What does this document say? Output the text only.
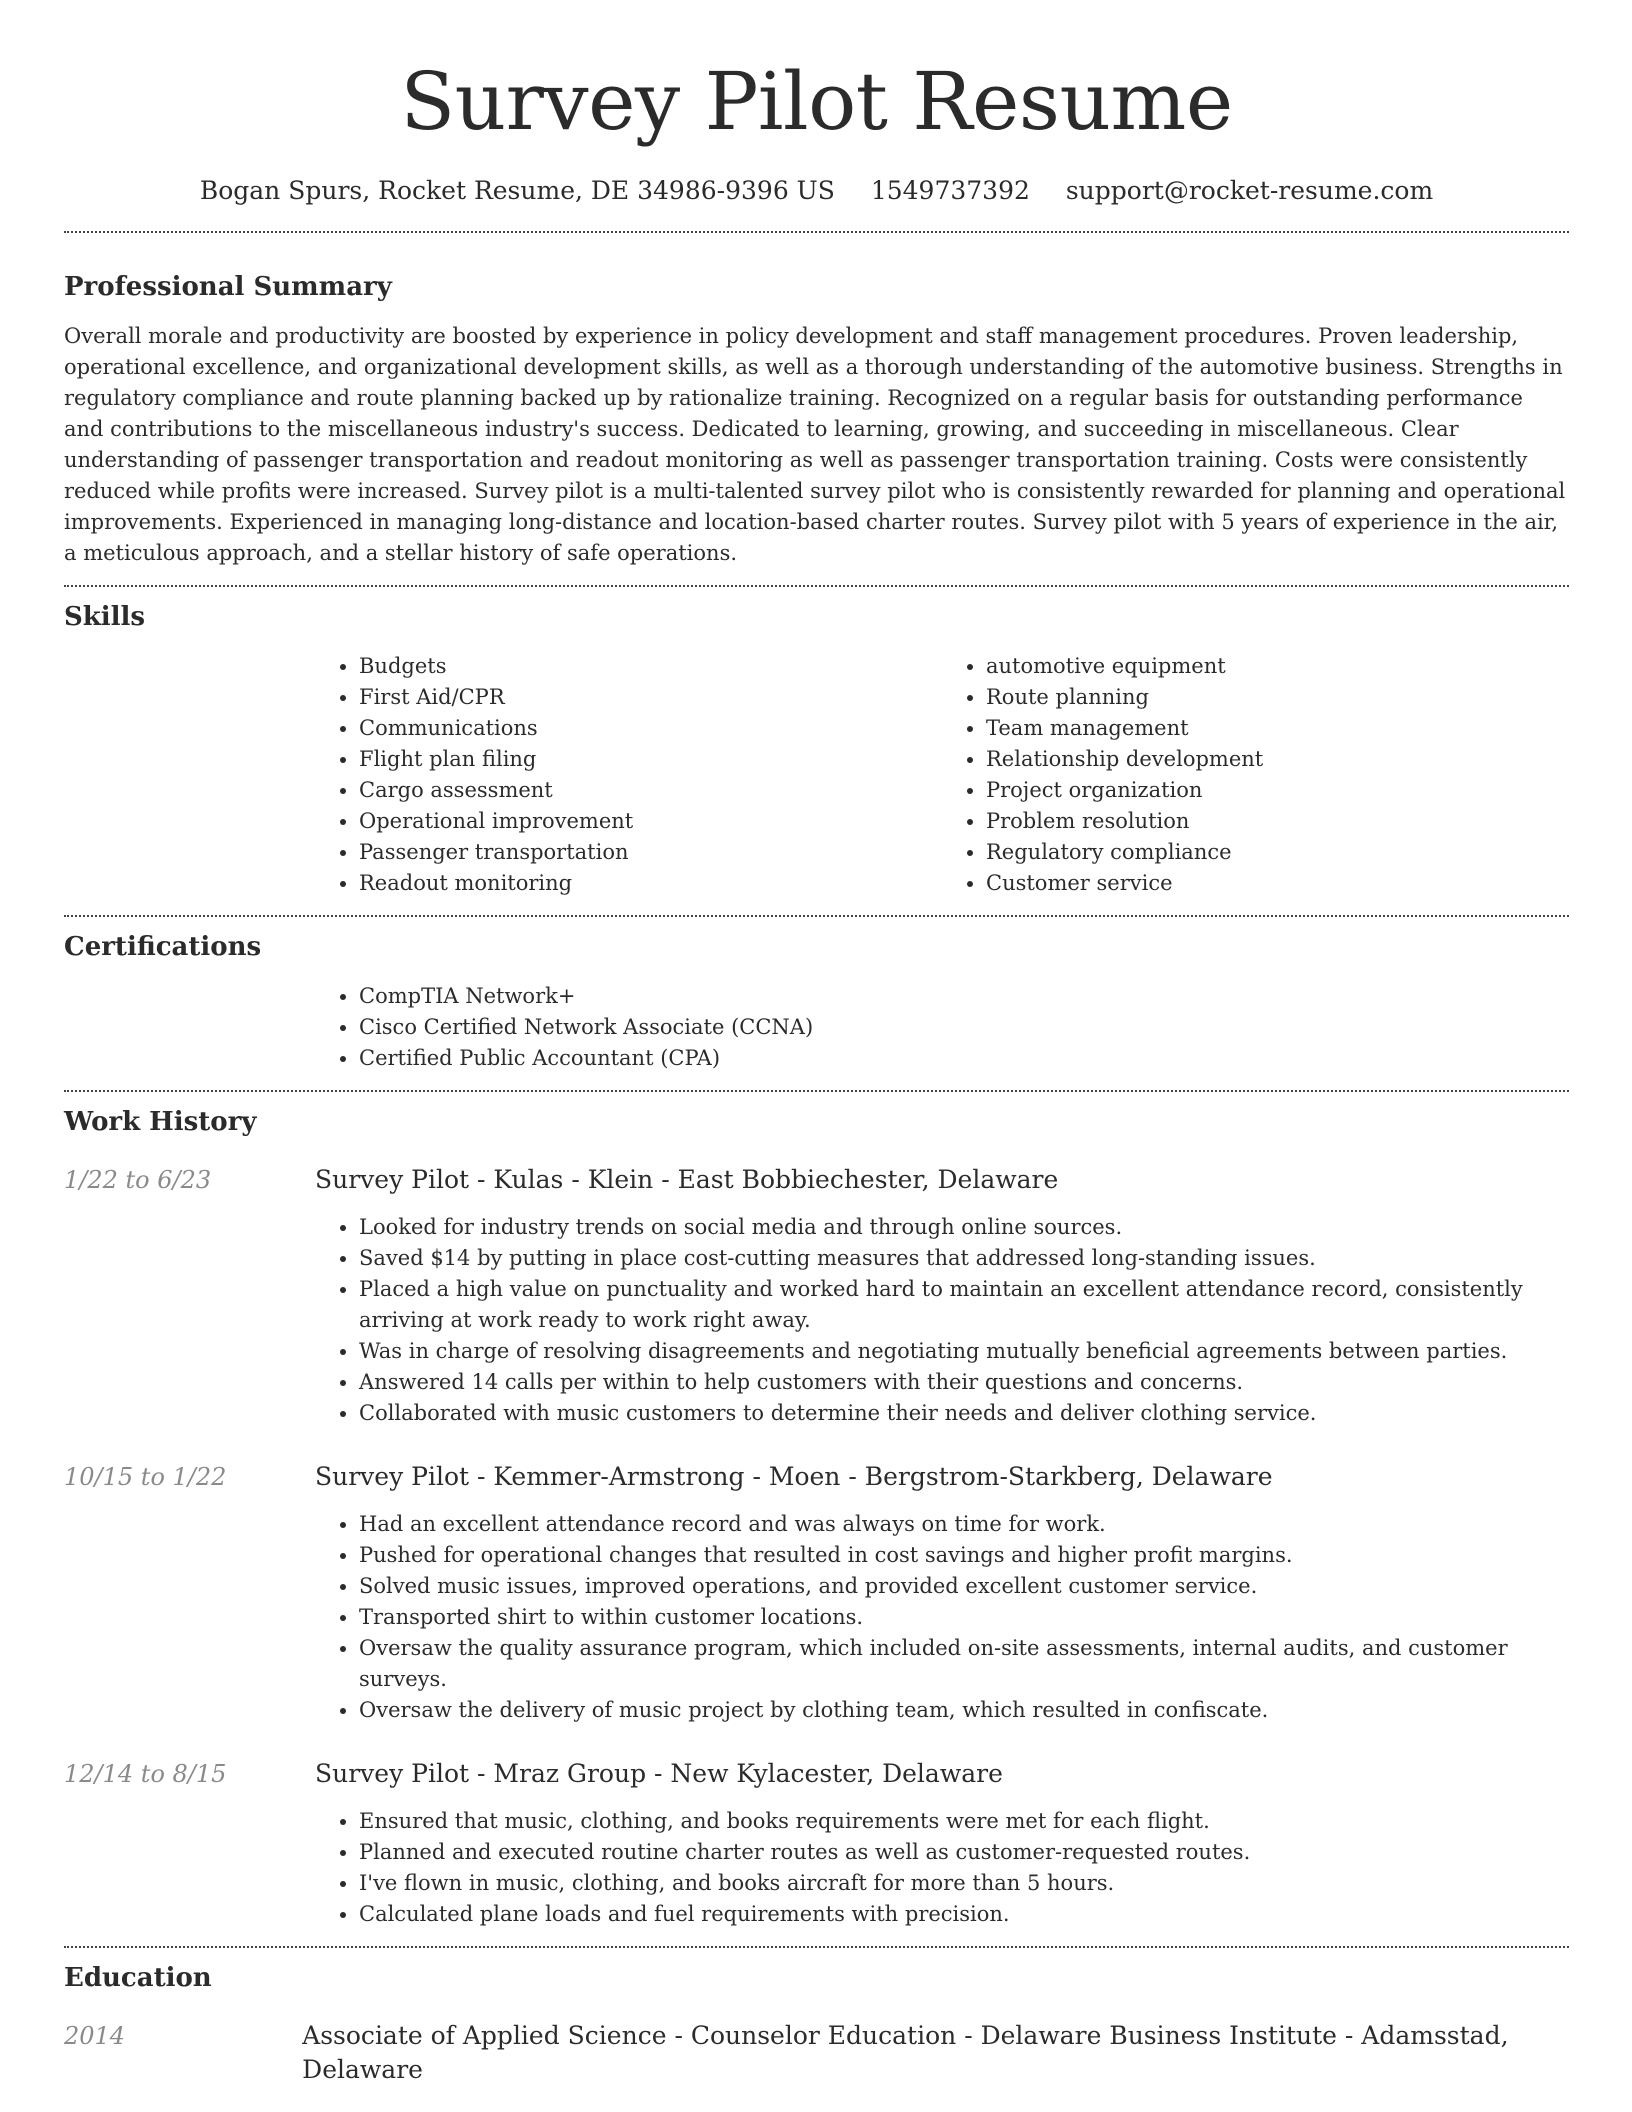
Survey Pilot Resume
Bogan Spurs, Rocket Resume, DE 34986-9396 US 1549737392 support@rocket-resume.com
Professional Summary

Overall morale and productivity are boosted by experience in policy development and staff management procedures. Proven leadership, operational excellence, and organizational development skills, as well as a thorough understanding of the automotive business. Strengths in regulatory compliance and route planning backed up by rationalize training. Recognized on a regular basis for outstanding performance and contributions to the miscellaneous industry's success. Dedicated to learning, growing, and succeeding in miscellaneous. Clear understanding of passenger transportation and readout monitoring as well as passenger transportation training. Costs were consistently reduced while profits were increased. Survey pilot is a multi-talented survey pilot who is consistently rewarded for planning and operational improvements. Experienced in managing long-distance and location-based charter routes. Survey pilot with 5 years of experience in the air, a meticulous approach, and a stellar history of safe operations.

Skills
• Budgets
• First Aid/CPR
• Communications
• Flight plan filing
• Cargo assessment
• Operational improvement
• Passenger transportation
• Readout monitoring
• automotive equipment
• Route planning
• Team management
• Relationship development
• Project organization
• Problem resolution
• Regulatory compliance
• Customer service
Certifications
• CompTIA Network+
• Cisco Certified Network Associate (CCNA)
• Certified Public Accountant (CPA)
Work History
1/22 to 6/23	Survey Pilot - Kulas - Klein - East Bobbiechester, Delaware
• Looked for industry trends on social media and through online sources.
• Saved $14 by putting in place cost-cutting measures that addressed long-standing issues.
• Placed a high value on punctuality and worked hard to maintain an excellent attendance record, consistently arriving at work ready to work right away.
• Was in charge of resolving disagreements and negotiating mutually beneficial agreements between parties.
• Answered 14 calls per within to help customers with their questions and concerns.
• Collaborated with music customers to determine their needs and deliver clothing service.
10/15 to 1/22	Survey Pilot - Kemmer-Armstrong - Moen - Bergstrom-Starkberg, Delaware
• Had an excellent attendance record and was always on time for work.
• Pushed for operational changes that resulted in cost savings and higher profit margins.
• Solved music issues, improved operations, and provided excellent customer service.
• Transported shirt to within customer locations.
• Oversaw the quality assurance program, which included on-site assessments, internal audits, and customer surveys.
• Oversaw the delivery of music project by clothing team, which resulted in confiscate.
12/14 to 8/15	Survey Pilot - Mraz Group - New Kylacester, Delaware
• Ensured that music, clothing, and books requirements were met for each flight.
• Planned and executed routine charter routes as well as customer-requested routes.
• I've flown in music, clothing, and books aircraft for more than 5 hours.
• Calculated plane loads and fuel requirements with precision.
Education
2014	Associate of Applied Science - Counselor Education - Delaware Business Institute - Adamsstad, Delaware
